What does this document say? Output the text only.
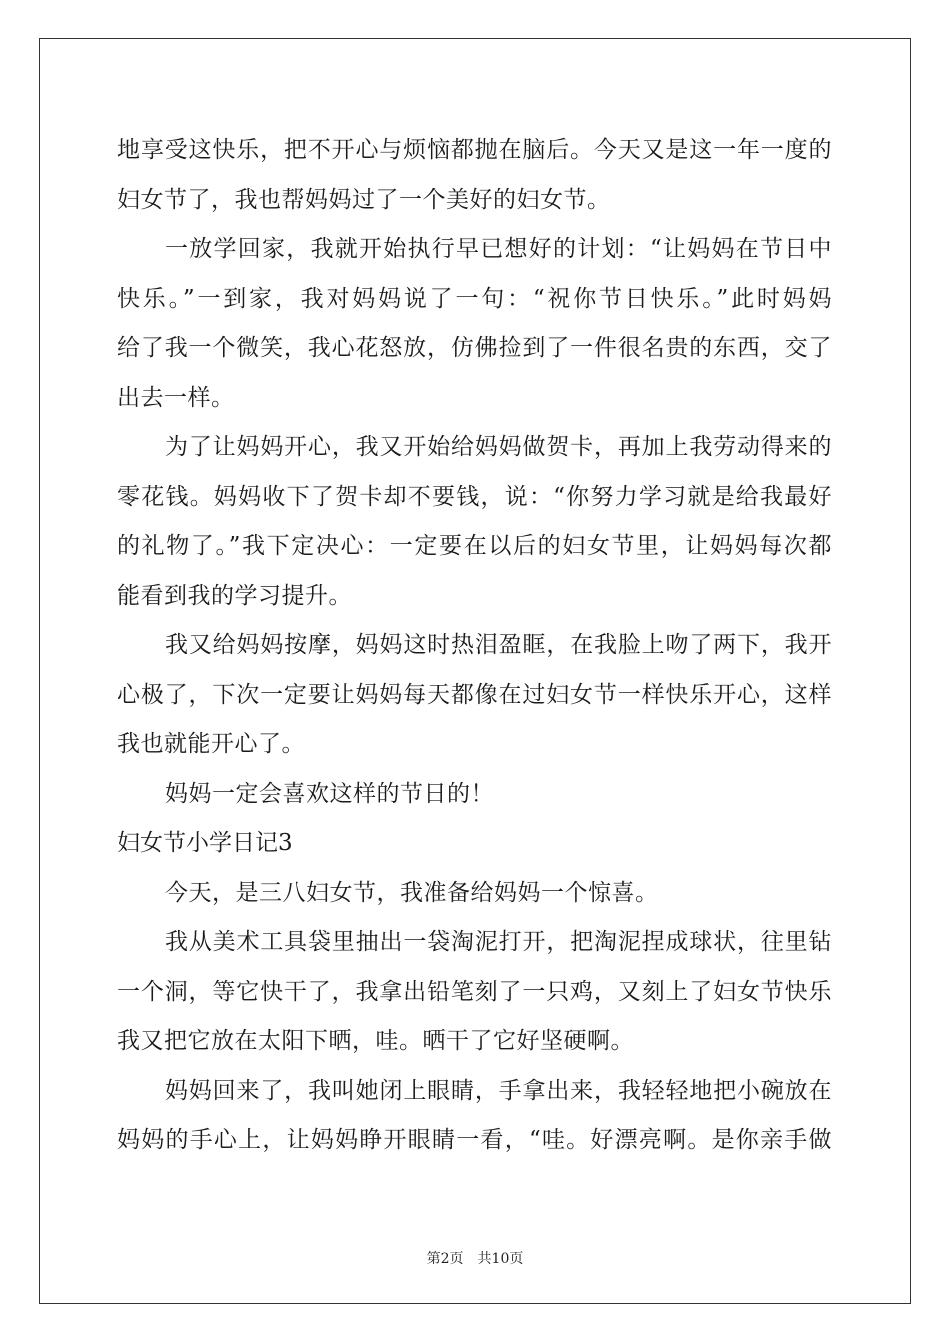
地享受这快乐，把不开心与烦恼都抛在脑后。今天又是这一年一度的
妇女节了，我也帮妈妈过了一个美好的妇女节。
一放学回家，我就开始执行早已想好的计划：“让妈妈在节日中
快乐。”一到家，我对妈妈说了一句：“祝你节日快乐。”此时妈妈
给了我一个微笑，我心花怒放，仿佛捡到了一件很名贵的东西，交了
出去一样。
为了让妈妈开心，我又开始给妈妈做贺卡，再加上我劳动得来的
零花钱。妈妈收下了贺卡却不要钱，说：“你努力学习就是给我最好
的礼物了。”我下定决心：一定要在以后的妇女节里，让妈妈每次都
能看到我的学习提升。
我又给妈妈按摩，妈妈这时热泪盈眶，在我脸上吻了两下，我开
心极了，下次一定要让妈妈每天都像在过妇女节一样快乐开心，这样
我也就能开心了。
妈妈一定会喜欢这样的节日的！
妇女节小学日记3
今天，是三八妇女节，我准备给妈妈一个惊喜。
我从美术工具袋里抽出一袋淘泥打开，把淘泥捏成球状，往里钻
一个洞，等它快干了，我拿出铅笔刻了一只鸡，又刻上了妇女节快乐
我又把它放在太阳下晒，哇。晒干了它好坚硬啊。
妈妈回来了，我叫她闭上眼睛，手拿出来，我轻轻地把小碗放在
妈妈的手心上，让妈妈睁开眼睛一看，“哇。好漂亮啊。是你亲手做
第2页 共10页
